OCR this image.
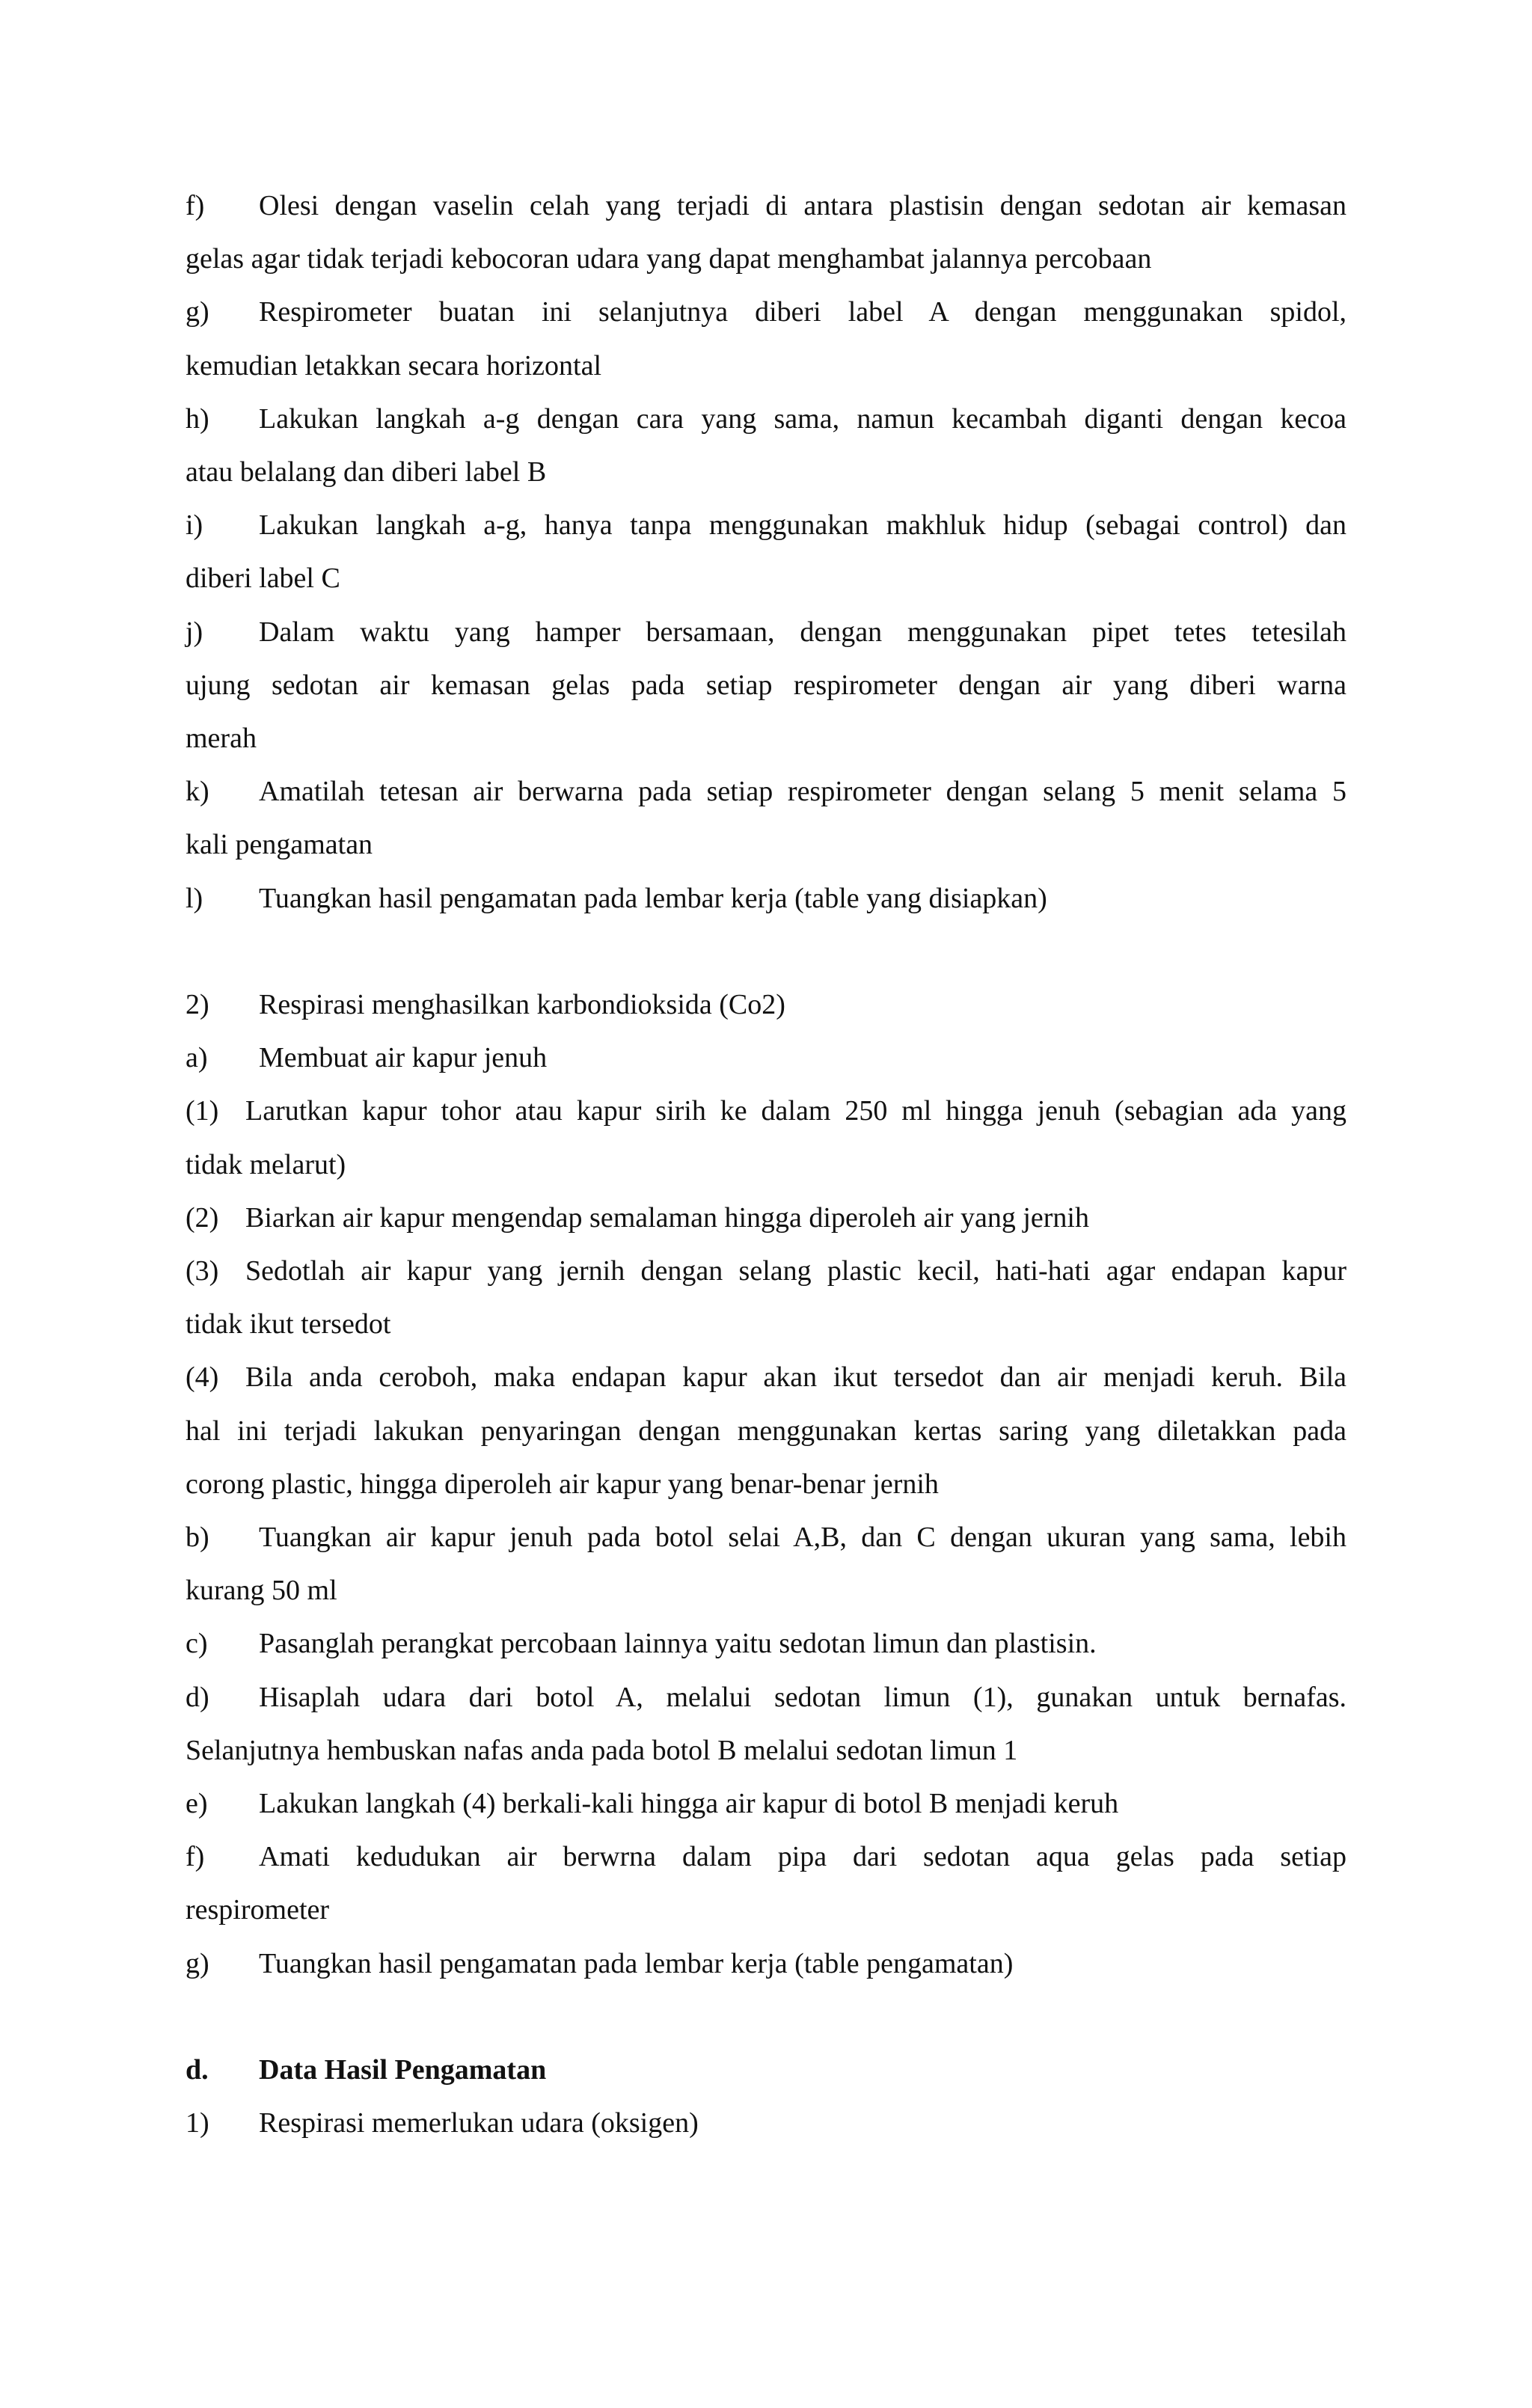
f)	Olesi dengan vaselin celah yang terjadi di antara plastisin dengan sedotan air kemasan
gelas agar tidak terjadi kebocoran udara yang dapat menghambat jalannya percobaan
g)	Respirometer buatan ini selanjutnya diberi label A dengan menggunakan spidol,
kemudian letakkan secara horizontal
h)	Lakukan langkah a-g dengan cara yang sama, namun kecambah diganti dengan kecoa
atau belalang dan diberi label B
i)	Lakukan langkah a-g, hanya tanpa menggunakan makhluk hidup (sebagai control) dan
diberi label C
j)	Dalam waktu yang hamper bersamaan, dengan menggunakan pipet tetes tetesilah
ujung sedotan air kemasan gelas pada setiap respirometer dengan air yang diberi warna
merah
k)	Amatilah tetesan air berwarna pada setiap respirometer dengan selang 5 menit selama 5
kali pengamatan
l)	Tuangkan hasil pengamatan pada lembar kerja (table yang disiapkan)
2)	Respirasi menghasilkan karbondioksida (Co2)
a)	Membuat air kapur jenuh
(1) Larutkan kapur tohor atau kapur sirih ke dalam 250 ml hingga jenuh (sebagian ada yang
tidak melarut)
(2) Biarkan air kapur mengendap semalaman hingga diperoleh air yang jernih
(3) Sedotlah air kapur yang jernih dengan selang plastic kecil, hati-hati agar endapan kapur
tidak ikut tersedot
(4) Bila anda ceroboh, maka endapan kapur akan ikut tersedot dan air menjadi keruh. Bila
hal ini terjadi lakukan penyaringan dengan menggunakan kertas saring yang diletakkan pada
corong plastic, hingga diperoleh air kapur yang benar-benar jernih
b)	Tuangkan air kapur jenuh pada botol selai A,B, dan C dengan ukuran yang sama, lebih
kurang 50 ml
c)	Pasanglah perangkat percobaan lainnya yaitu sedotan limun dan plastisin.
d)	Hisaplah udara dari botol A, melalui sedotan limun (1), gunakan untuk bernafas.
Selanjutnya hembuskan nafas anda pada botol B melalui sedotan limun 1
e)	Lakukan langkah (4) berkali-kali hingga air kapur di botol B menjadi keruh
f)	Amati kedudukan air berwrna dalam pipa dari sedotan aqua gelas pada setiap
respirometer
g)	Tuangkan hasil pengamatan pada lembar kerja (table pengamatan)
d.	Data Hasil Pengamatan
1)	Respirasi memerlukan udara (oksigen)
